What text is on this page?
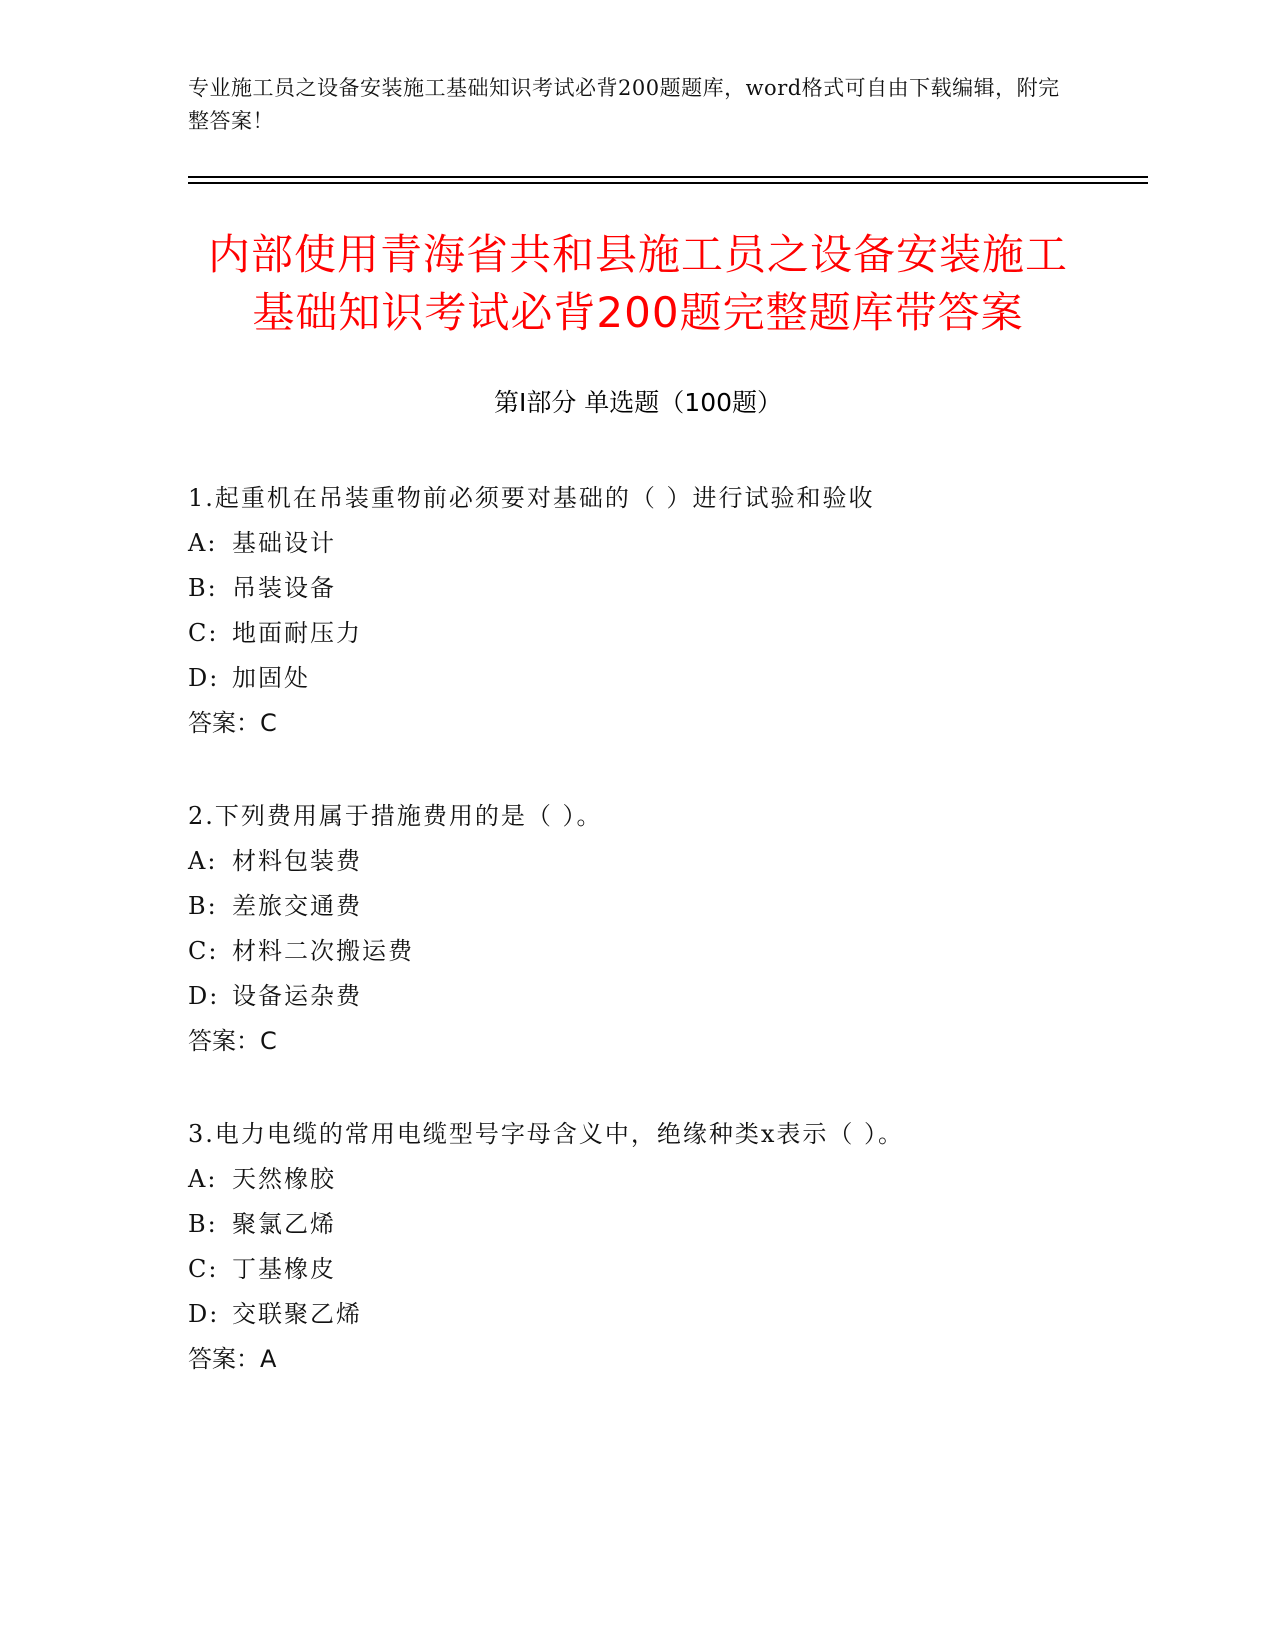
专业施工员之设备安装施工基础知识考试必背200题题库，word格式可自由下载编辑，附完整答案！
内部使用青海省共和县施工员之设备安装施工基础知识考试必背200题完整题库带答案
第Ⅰ部分 单选题（100题）
1.起重机在吊装重物前必须要对基础的（ ）进行试验和验收
A: 基础设计
B: 吊装设备
C: 地面耐压力
D: 加固处
答案：C
2.下列费用属于措施费用的是（ ）。
A: 材料包装费
B: 差旅交通费
C: 材料二次搬运费
D: 设备运杂费
答案：C
3.电力电缆的常用电缆型号字母含义中，绝缘种类x表示（ ）。
A: 天然橡胶
B: 聚氯乙烯
C: 丁基橡皮
D: 交联聚乙烯
答案：A
